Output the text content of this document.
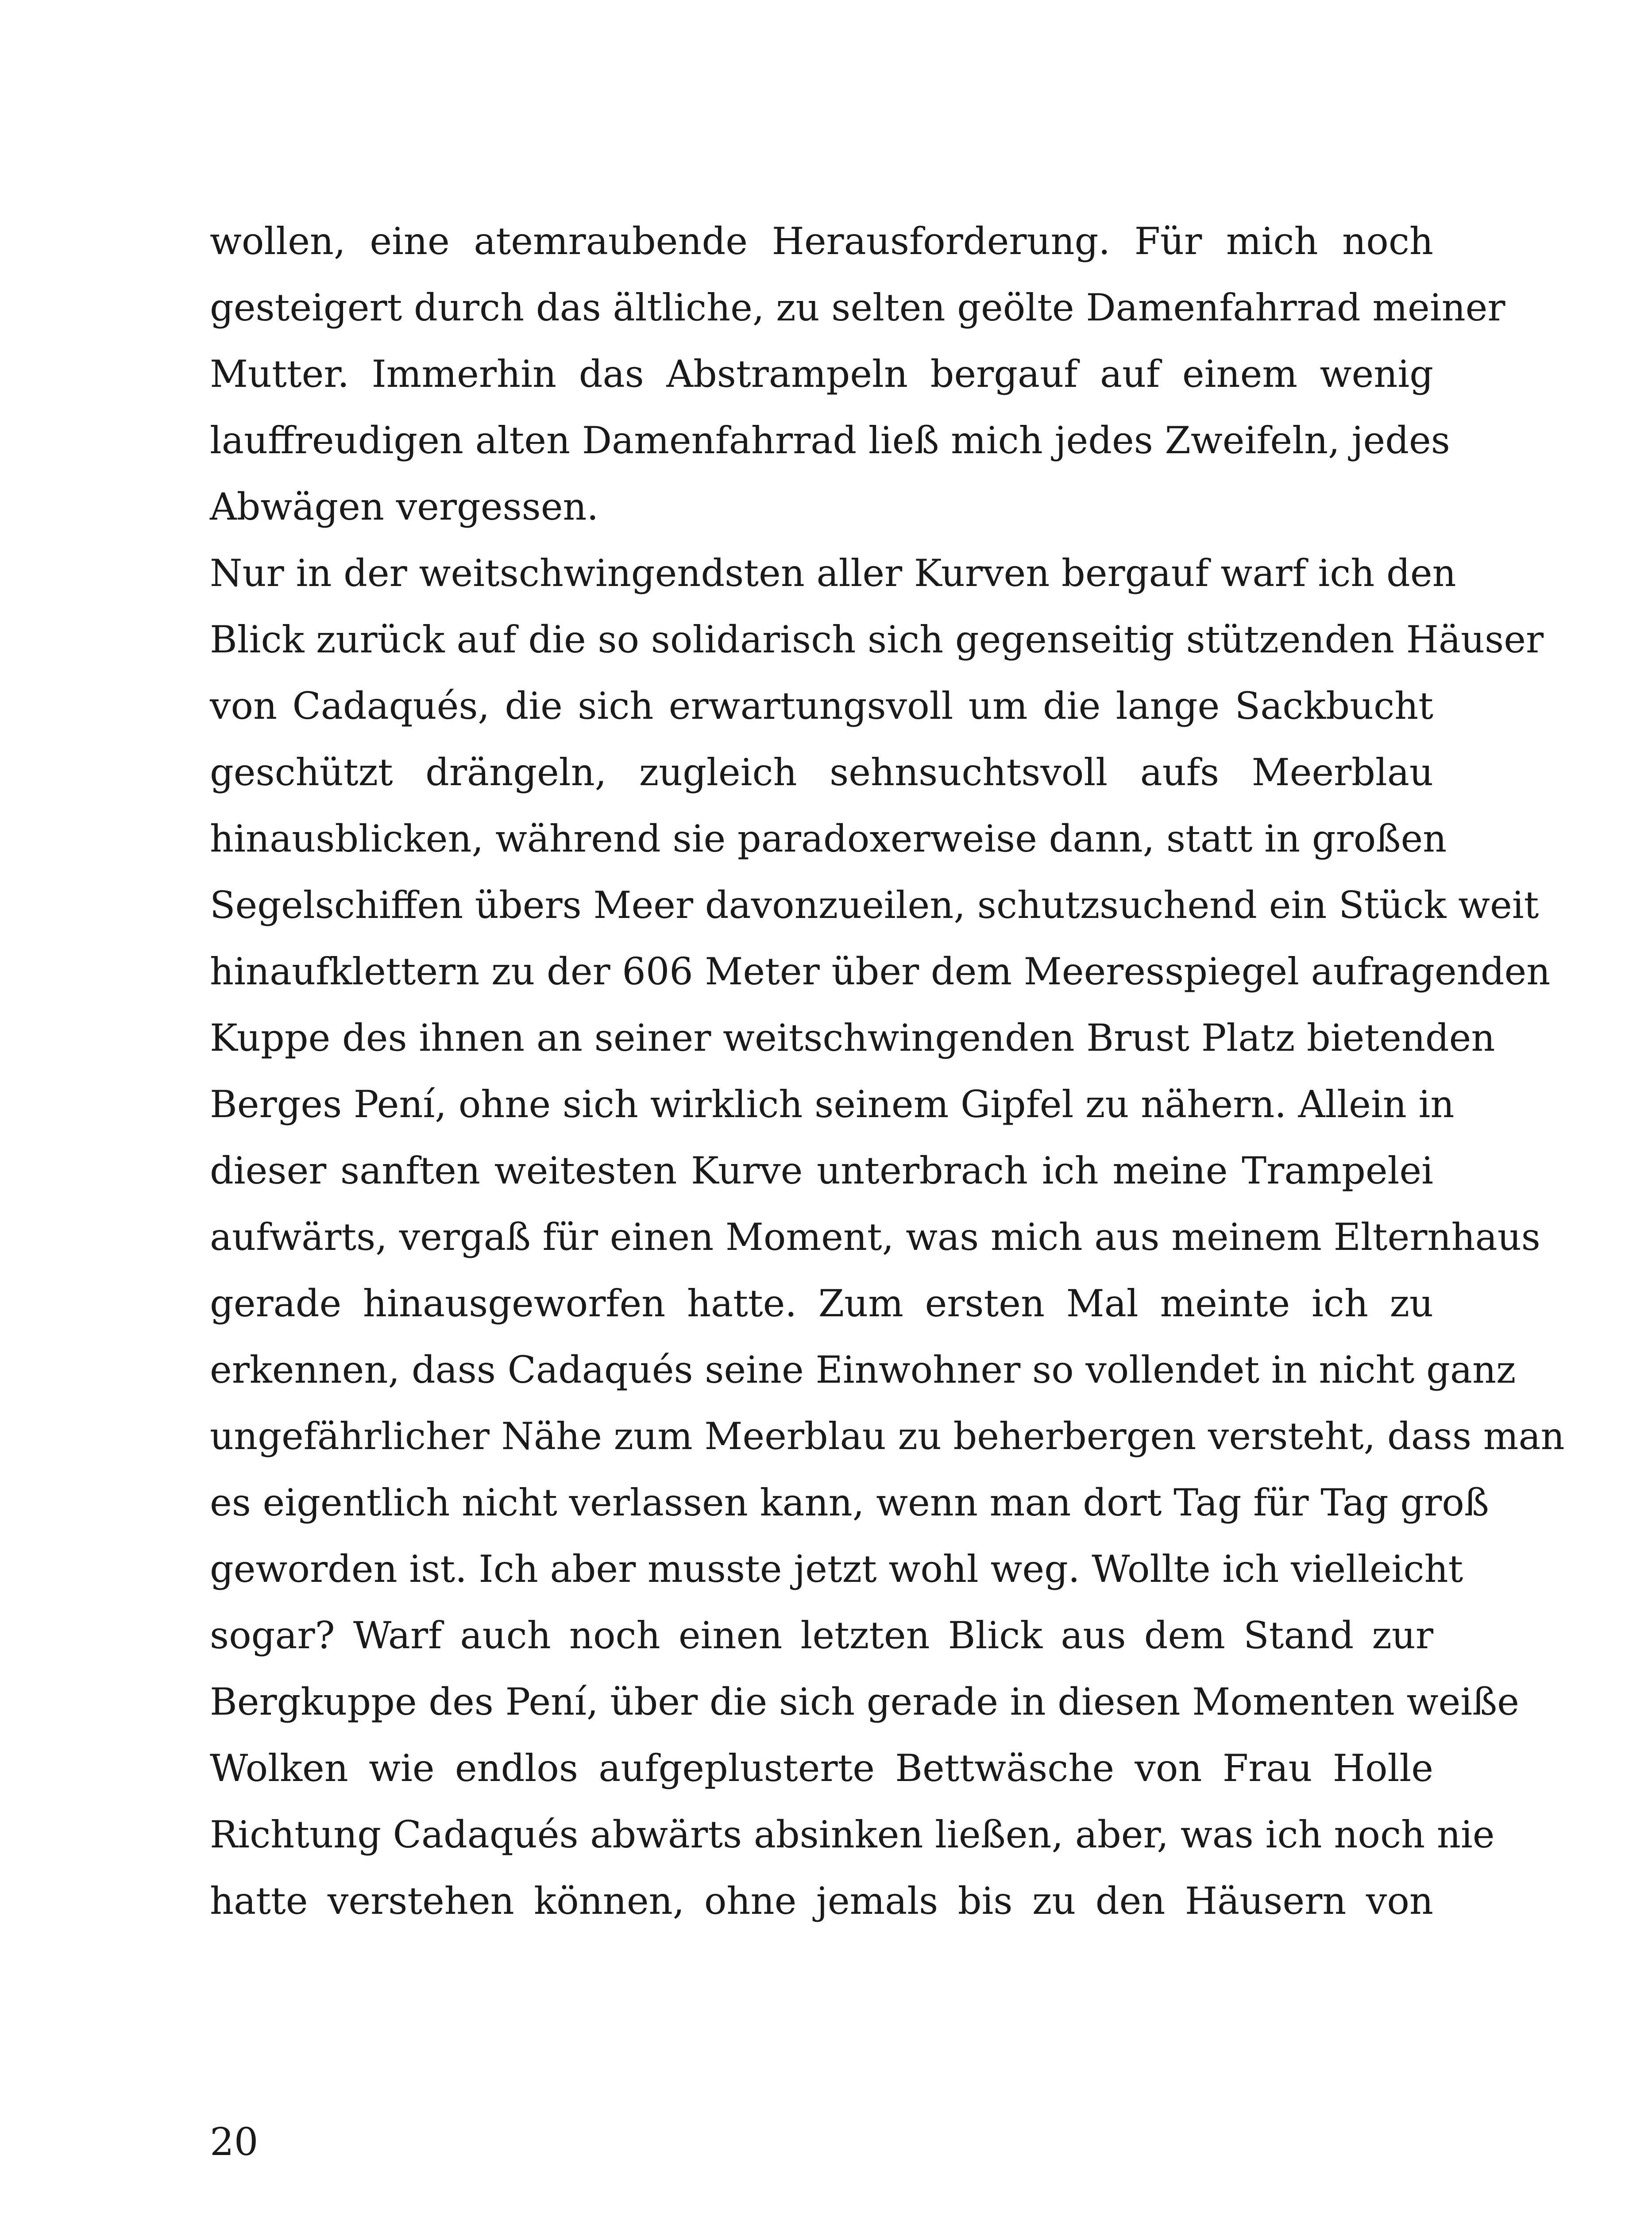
wollen, eine atemraubende Herausforderung. Für mich noch
gesteigert durch das ältliche, zu selten geölte Damenfahrrad meiner
Mutter. Immerhin das Abstrampeln bergauf auf einem wenig
lauffreudigen alten Damenfahrrad ließ mich jedes Zweifeln, jedes
Abwägen vergessen.
Nur in der weitschwingendsten aller Kurven bergauf warf ich den
Blick zurück auf die so solidarisch sich gegenseitig stützenden Häuser
von Cadaqués, die sich erwartungsvoll um die lange Sackbucht
geschützt drängeln, zugleich sehnsuchtsvoll aufs Meerblau
hinausblicken, während sie paradoxerweise dann, statt in großen
Segelschiffen übers Meer davonzueilen, schutzsuchend ein Stück weit
hinaufklettern zu der 606 Meter über dem Meeresspiegel aufragenden
Kuppe des ihnen an seiner weitschwingenden Brust Platz bietenden
Berges Pení, ohne sich wirklich seinem Gipfel zu nähern. Allein in
dieser sanften weitesten Kurve unterbrach ich meine Trampelei
aufwärts, vergaß für einen Moment, was mich aus meinem Elternhaus
gerade hinausgeworfen hatte. Zum ersten Mal meinte ich zu
erkennen, dass Cadaqués seine Einwohner so vollendet in nicht ganz
ungefährlicher Nähe zum Meerblau zu beherbergen versteht, dass man
es eigentlich nicht verlassen kann, wenn man dort Tag für Tag groß
geworden ist. Ich aber musste jetzt wohl weg. Wollte ich vielleicht
sogar? Warf auch noch einen letzten Blick aus dem Stand zur
Bergkuppe des Pení, über die sich gerade in diesen Momenten weiße
Wolken wie endlos aufgeplusterte Bettwäsche von Frau Holle
Richtung Cadaqués abwärts absinken ließen, aber, was ich noch nie
hatte verstehen können, ohne jemals bis zu den Häusern von
20
